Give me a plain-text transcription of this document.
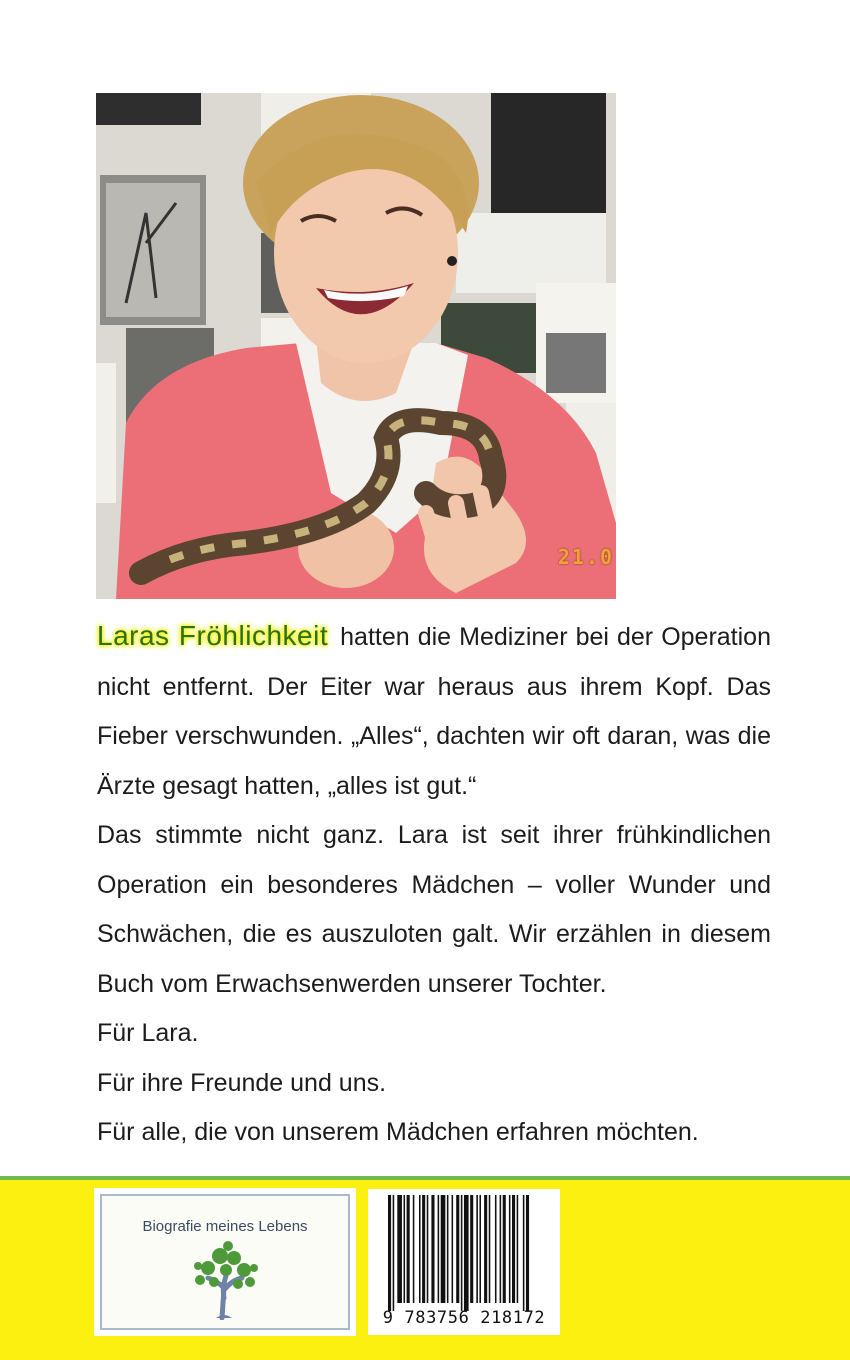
21.0

Laras Fröhlichkeit hatten die Mediziner bei der Operation nicht entfernt. Der Eiter war heraus aus ihrem Kopf. Das Fieber verschwunden. „Alles“, dachten wir oft daran, was die Ärzte gesagt hatten, „alles ist gut.“

Das stimmte nicht ganz. Lara ist seit ihrer frühkindlichen Operation ein besonderes Mädchen – voller Wunder und Schwächen, die es auszuloten galt. Wir erzählen in diesem Buch vom Erwachsenwerden unserer Tochter.

Für Lara.

Für ihre Freunde und uns.

Für alle, die von unserem Mädchen erfahren möchten.

Biografie meines Lebens
9 783756 218172
